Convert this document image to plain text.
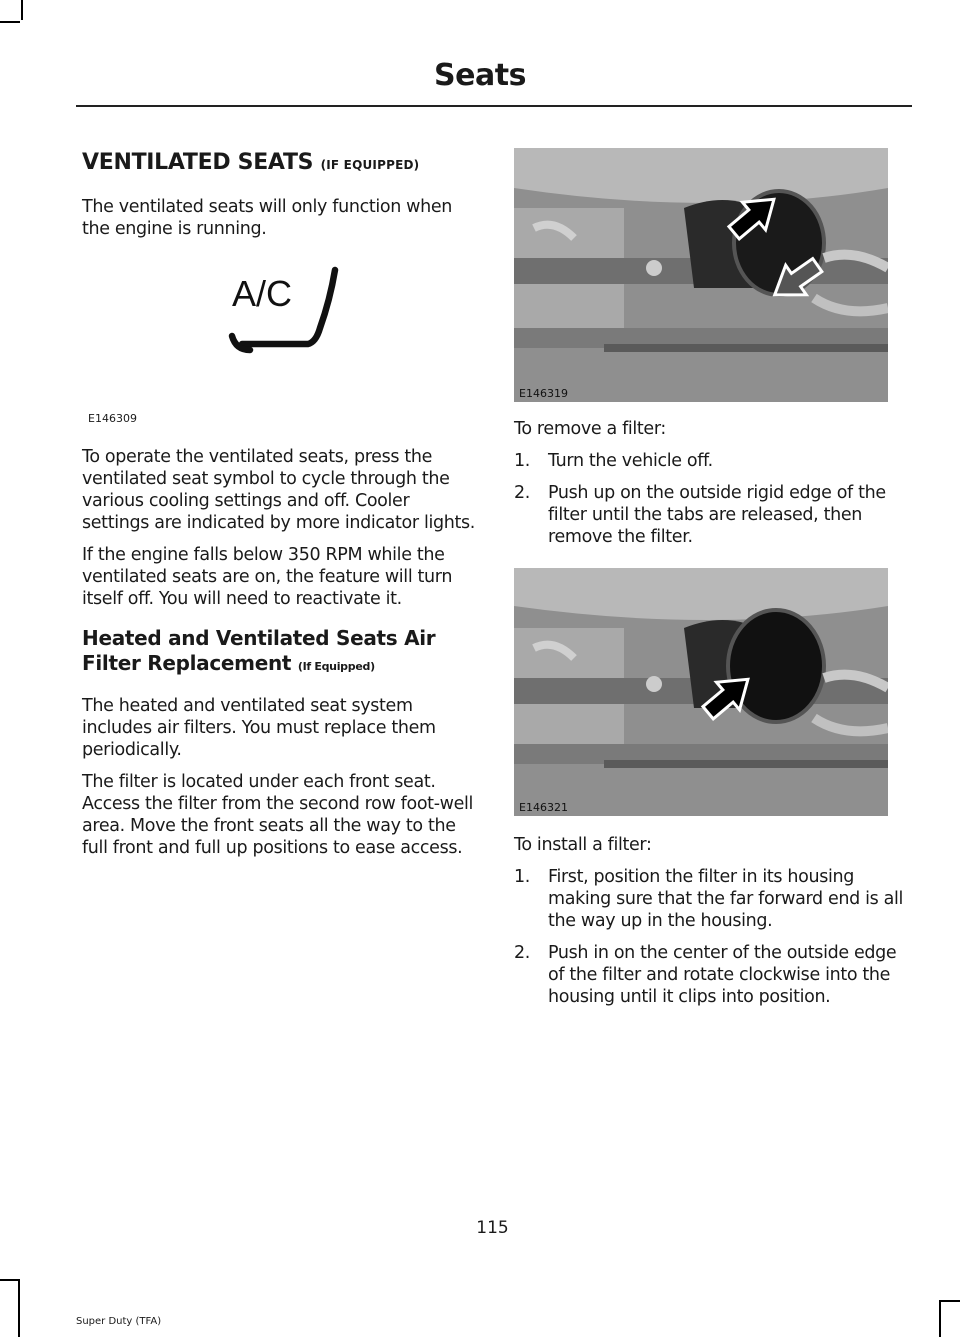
Seats
VENTILATED SEATS (IF EQUIPPED)

The ventilated seats will only function when the engine is running.

A/C
E146309

To operate the ventilated seats, press the ventilated seat symbol to cycle through the various cooling settings and off. Cooler settings are indicated by more indicator lights.

If the engine falls below 350 RPM while the ventilated seats are on, the feature will turn itself off. You will need to reactivate it.

Heated and Ventilated Seats Air
Filter Replacement (If Equipped)

The heated and ventilated seat system includes air filters. You must replace them periodically.

The filter is located under each front seat. Access the filter from the second row foot-well area. Move the front seats all the way to the full front and full up positions to ease access.

E146319

To remove a filter:

1.	Turn the vehicle off.
2.	Push up on the outside rigid edge of the filter until the tabs are released, then remove the filter.
E146321

To install a filter:

1.	First, position the filter in its housing making sure that the far forward end is all the way up in the housing.
2.	Push in on the center of the outside edge of the filter and rotate clockwise into the housing until it clips into position.
115
Super Duty (TFA)
